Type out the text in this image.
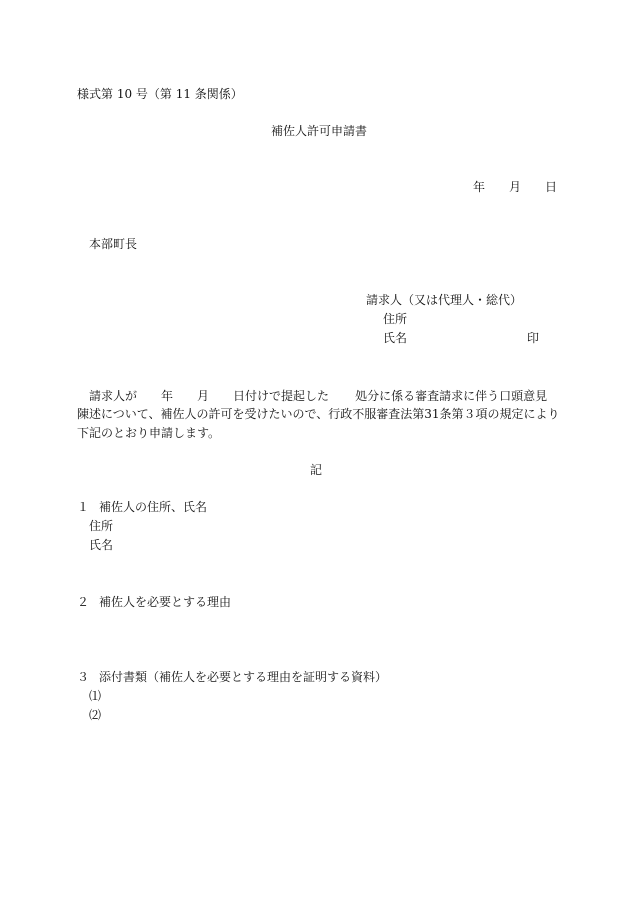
様式第 10 号（第 11 条関係）
補佐人許可申請書
年 月 日
本部町長
請求人（又は代理人・総代）
住所
氏名	印
請求人が 年 月 日付けで提起した 処分に係る審査請求に伴う口頭意見
陳述について、補佐人の許可を受けたいので、行政不服審査法第31条第３項の規定により
下記のとおり申請します。
記
１ 補佐人の住所、氏名
住所
氏名
２ 補佐人を必要とする理由
３ 添付書類（補佐人を必要とする理由を証明する資料）
⑴
⑵
